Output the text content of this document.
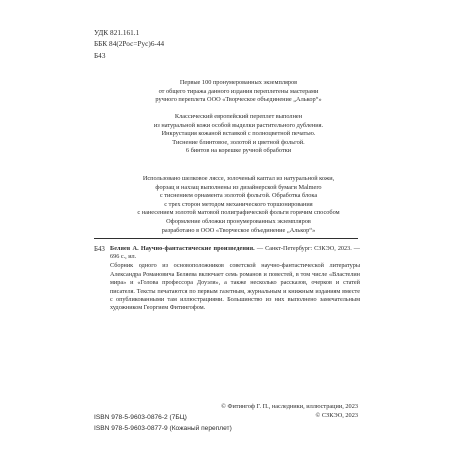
УДК 821.161.1
ББК 84(2Рос=Рус)6-44
Б43
Первые 100 пронумерованных экземпляров
от общего тиража данного издания переплетены мастерами
ручного переплета ООО «Творческое объединение „Алькор“»
Классический европейский переплет выполнен
из натуральной кожи особой выделки растительного дубления.
Инкрустация кожаной вставкой с полноцветной печатью.
Тиснение блинтовое, золотой и цветной фольгой.
6 бинтов на корешке ручной обработки
Использовано шелковое ляссе, золоченый каптал из натуральной кожи,
форзац и нахзац выполнены из дизайнерской бумаги Malmero
с тиснением орнамента золотой фольгой. Обработка блока
с трех сторон методом механического торшонирования
с нанесением золотой матовой полиграфической фольги горячим способом
Оформление обложки пронумерованных экземпляров
разработано в ООО «Творческое объединение „Алькор“»
Б43 Беляев А. Научно-фантастические произведения. — Санкт-Петербург: СЗКЭО, 2023. — 696 с., ил.

Сборник одного из основоположников советской научно-фантастической литературы Александра Романовича Беляева включает семь романов и повестей, в том числе «Властелин мира» и «Голова профессора Доуэля», а также несколько рассказов, очерков и статей писателя. Тексты печатаются по первым газетным, журнальным и книжным изданиям вместе с опубликованными там иллюстрациями. Большинство из них выполнено замечательным художником Георгием Фитингофом.

© Фитингоф Г. П., наследники, иллюстрации, 2023
© СЗКЭО, 2023
ISBN 978-5-9603-0876-2 (7БЦ)
ISBN 978-5-9603-0877-9 (Кожаный переплет)
